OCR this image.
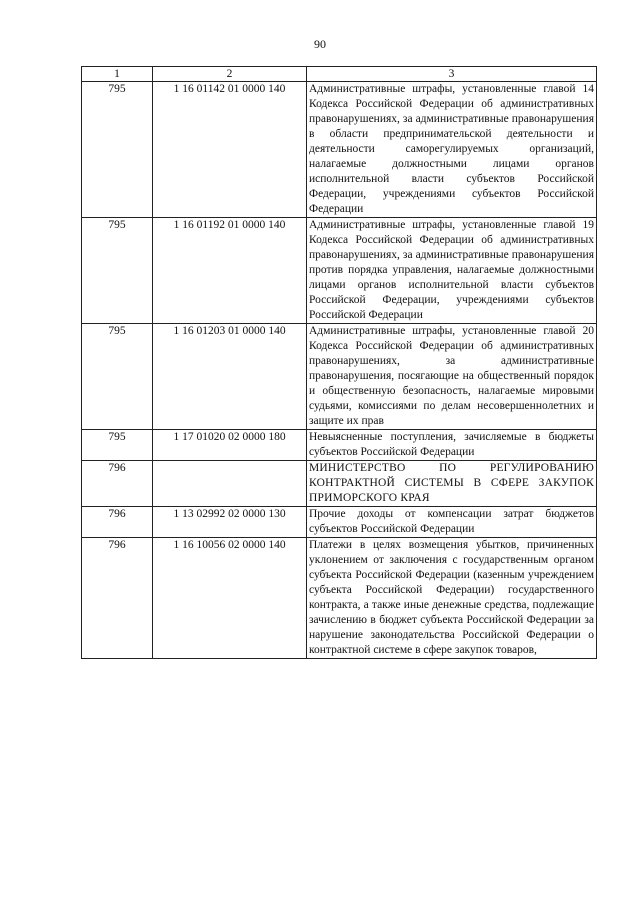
90
1	2	3
795	1 16 01142 01 0000 140	Административные штрафы, установленные главой 14 Кодекса Российской Федерации об административных правонарушениях, за административные правонарушения в области предпринимательской деятельности и деятельности саморегулируемых организаций, налагаемые должностными лицами органов исполнительной власти субъектов Российской Федерации, учреждениями субъектов Российской Федерации
795	1 16 01192 01 0000 140	Административные штрафы, установленные главой 19 Кодекса Российской Федерации об административных правонарушениях, за административные правонарушения против порядка управления, налагаемые должностными лицами органов исполнительной власти субъектов Российской Федерации, учреждениями субъектов Российской Федерации
795	1 16 01203 01 0000 140	Административные штрафы, установленные главой 20 Кодекса Российской Федерации об административных правонарушениях, за административные правонарушения, посягающие на общественный порядок и общественную безопасность, налагаемые мировыми судьями, комиссиями по делам несовершеннолетних и защите их прав
795	1 17 01020 02 0000 180	Невыясненные поступления, зачисляемые в бюджеты субъектов Российской Федерации
796		МИНИСТЕРСТВО ПО РЕГУЛИРОВАНИЮ КОНТРАКТНОЙ СИСТЕМЫ В СФЕРЕ ЗАКУПОК ПРИМОРСКОГО КРАЯ
796	1 13 02992 02 0000 130	Прочие доходы от компенсации затрат бюджетов субъектов Российской Федерации
796	1 16 10056 02 0000 140	Платежи в целях возмещения убытков, причиненных уклонением от заключения с государственным органом субъекта Российской Федерации (казенным учреждением субъекта Российской Федерации) государственного контракта, а также иные денежные средства, подлежащие зачислению в бюджет субъекта Российской Федерации за нарушение законодательства Российской Федерации о контрактной системе в сфере закупок товаров,
